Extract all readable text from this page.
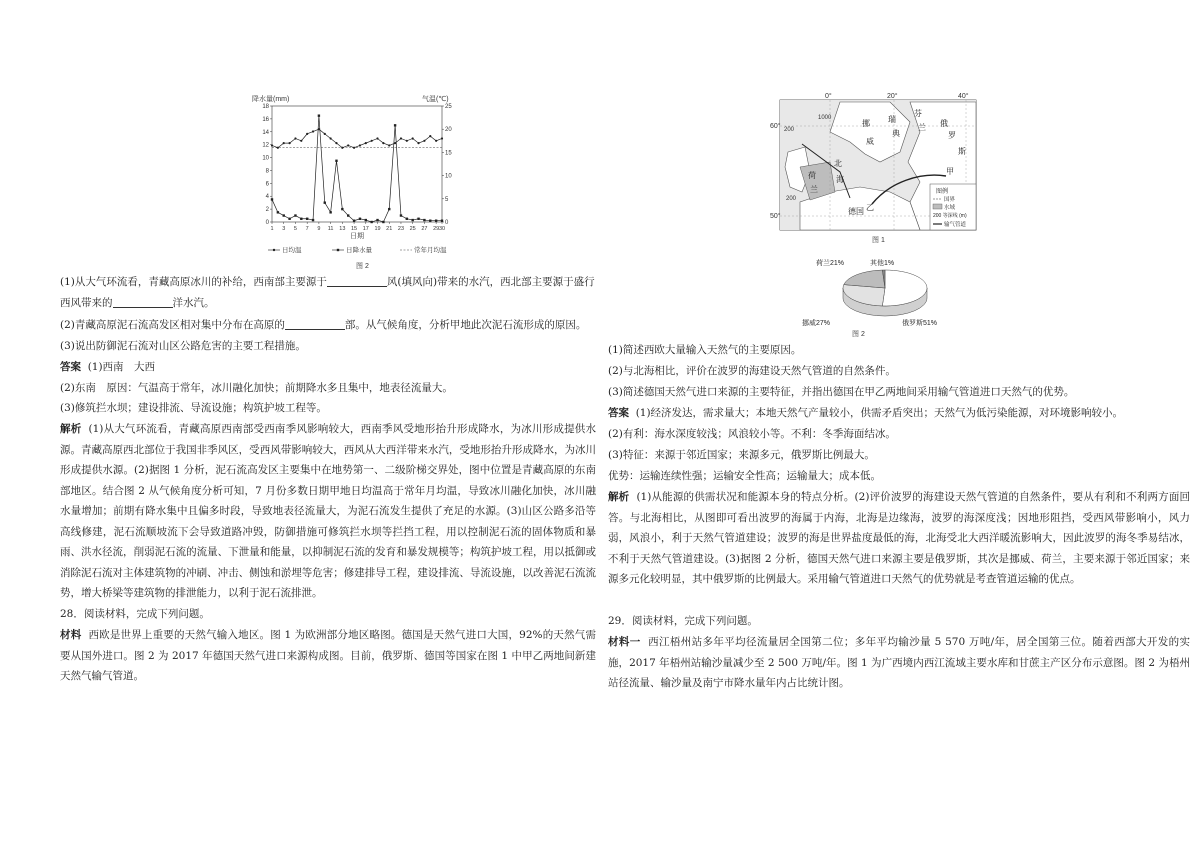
降水量(mm)	气温(℃)
0
2
4
6
8
10
12
14
16
18
0
5
10
15
20
25
1 3 5 7 9 11 13 15 17 19 21 23 25 27 29 30
日期
日均温	日降水量	常年月均温
图 2

(1)从大气环流看，青藏高原冰川的补给，西南部主要源于	风(填风向)带来的水汽，西北部主要源于盛行
西风带来的	洋水汽。

(2)青藏高原泥石流高发区相对集中分布在高原的	部。从气候角度，分析甲地此次泥石流形成的原因。

(3)说出防御泥石流对山区公路危害的主要工程措施。

答案 (1)西南　大西

(2)东南　原因：气温高于常年，冰川融化加快；前期降水多且集中，地表径流量大。

(3)修筑拦水坝；建设排流、导流设施；构筑护坡工程等。

解析 (1)从大气环流看，青藏高原西南部受西南季风影响较大，西南季风受地形抬升形成降水，为冰川形成提供水源。青藏高原西北部位于我国非季风区，受西风带影响较大，西风从大西洋带来水汽，受地形抬升形成降水，为冰川形成提供水源。(2)据图 1 分析，泥石流高发区主要集中在地势第一、二级阶梯交界处，图中位置是青藏高原的东南部地区。结合图 2 从气候角度分析可知，7 月份多数日期甲地日均温高于常年月均温，导致冰川融化加快，冰川融水量增加；前期有降水集中且偏多时段，导致地表径流量大，为泥石流发生提供了充足的水源。(3)山区公路多沿等高线修建，泥石流顺坡流下会导致道路冲毁，防御措施可修筑拦水坝等拦挡工程，用以控制泥石流的固体物质和暴雨、洪水径流，削弱泥石流的流量、下泄量和能量，以抑制泥石流的发育和暴发规模等；构筑护坡工程，用以抵御或消除泥石流对主体建筑物的冲刷、冲击、侧蚀和淤埋等危害；修建排导工程，建设排流、导流设施，以改善泥石流流势，增大桥梁等建筑物的排泄能力，以利于泥石流排泄。

28．阅读材料，完成下列问题。

材料 西欧是世界上重要的天然气输入地区。图 1 为欧洲部分地区略图。德国是天然气进口大国，92%的天然气需要从国外进口。图 2 为 2017 年德国天然气进口来源构成图。目前，俄罗斯、德国等国家在图 1 中甲乙两地间新建天然气输气管道。

0°	20°	40°
60°
50°
200
1000
200
挪
威
北
海
荷
兰
德国
瑞
典
芬
兰 俄
罗
斯
甲
乙
图例
国界
水域
200 等深线 (m)
输气管道
图 1
荷兰21%	其他1%
挪威27%	俄罗斯51%
图 2

(1)简述西欧大量输入天然气的主要原因。

(2)与北海相比，评价在波罗的海建设天然气管道的自然条件。

(3)简述德国天然气进口来源的主要特征，并指出德国在甲乙两地间采用输气管道进口天然气的优势。

答案 (1)经济发达，需求量大；本地天然气产量较小，供需矛盾突出；天然气为低污染能源，对环境影响较小。

(2)有利：海水深度较浅；风浪较小等。不利：冬季海面结冰。

(3)特征：来源于邻近国家；来源多元，俄罗斯比例最大。

优势：运输连续性强；运输安全性高；运输量大；成本低。

解析 (1)从能源的供需状况和能源本身的特点分析。(2)评价波罗的海建设天然气管道的自然条件，要从有利和不利两方面回答。与北海相比，从图即可看出波罗的海属于内海，北海是边缘海，波罗的海深度浅；因地形阻挡，受西风带影响小，风力弱，风浪小，利于天然气管道建设；波罗的海是世界盐度最低的海，北海受北大西洋暖流影响大，因此波罗的海冬季易结冰，不利于天然气管道建设。(3)据图 2 分析，德国天然气进口来源主要是俄罗斯，其次是挪威、荷兰，主要来源于邻近国家；来源多元化较明显，其中俄罗斯的比例最大。采用输气管道进口天然气的优势就是考查管道运输的优点。

29．阅读材料，完成下列问题。

材料一 西江梧州站多年平均径流量居全国第二位；多年平均输沙量 5 570 万吨/年，居全国第三位。随着西部大开发的实施，2017 年梧州站输沙量减少至 2 500 万吨/年。图 1 为广西境内西江流域主要水库和甘蔗主产区分布示意图。图 2 为梧州站径流量、输沙量及南宁市降水量年内占比统计图。
